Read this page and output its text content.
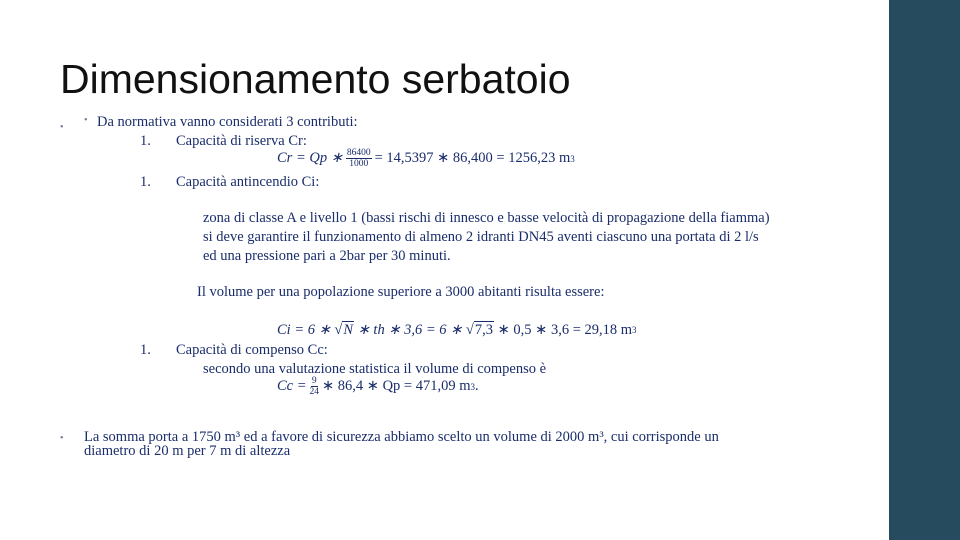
Dimensionamento serbatoio
•
• Da normativa vanno considerati 3 contributi:
1. Capacità di riserva Cr:
Cr = Qp ∗ $\frac{86400}{1000} = 14,5397$ ∗ 86,400 = 1256,23 m 3
1. Capacità antincendio Ci:
zona di classe A e livello 1 (bassi rischi di innesco e basse velocità di propagazione della fiamma)
si deve garantire il funzionamento di almeno 2 idranti DN45 aventi ciascuno una portata di 2 l/s
ed una pressione pari a 2bar per 30 minuti.
Il volume per una popolazione superiore a 3000 abitanti risulta essere:
Ci = 6 ∗ √ N ∗ th ∗ 3,6 = 6 ∗ √ 7,3 ∗ 0,5 ∗ 3,6 = 29,18 m 3
1. Capacità di compenso Cc:
secondo una valutazione statistica il volume di compenso è
$Cc = \frac{9}{24}$ ∗ 86,4 ∗ Qp = 471,09 m 3 .
• La somma porta a 1750 m³ ed a favore di sicurezza abbiamo scelto un volume di 2000 m³, cui corrisponde un
diametro di 20 m per 7 m di altezza
